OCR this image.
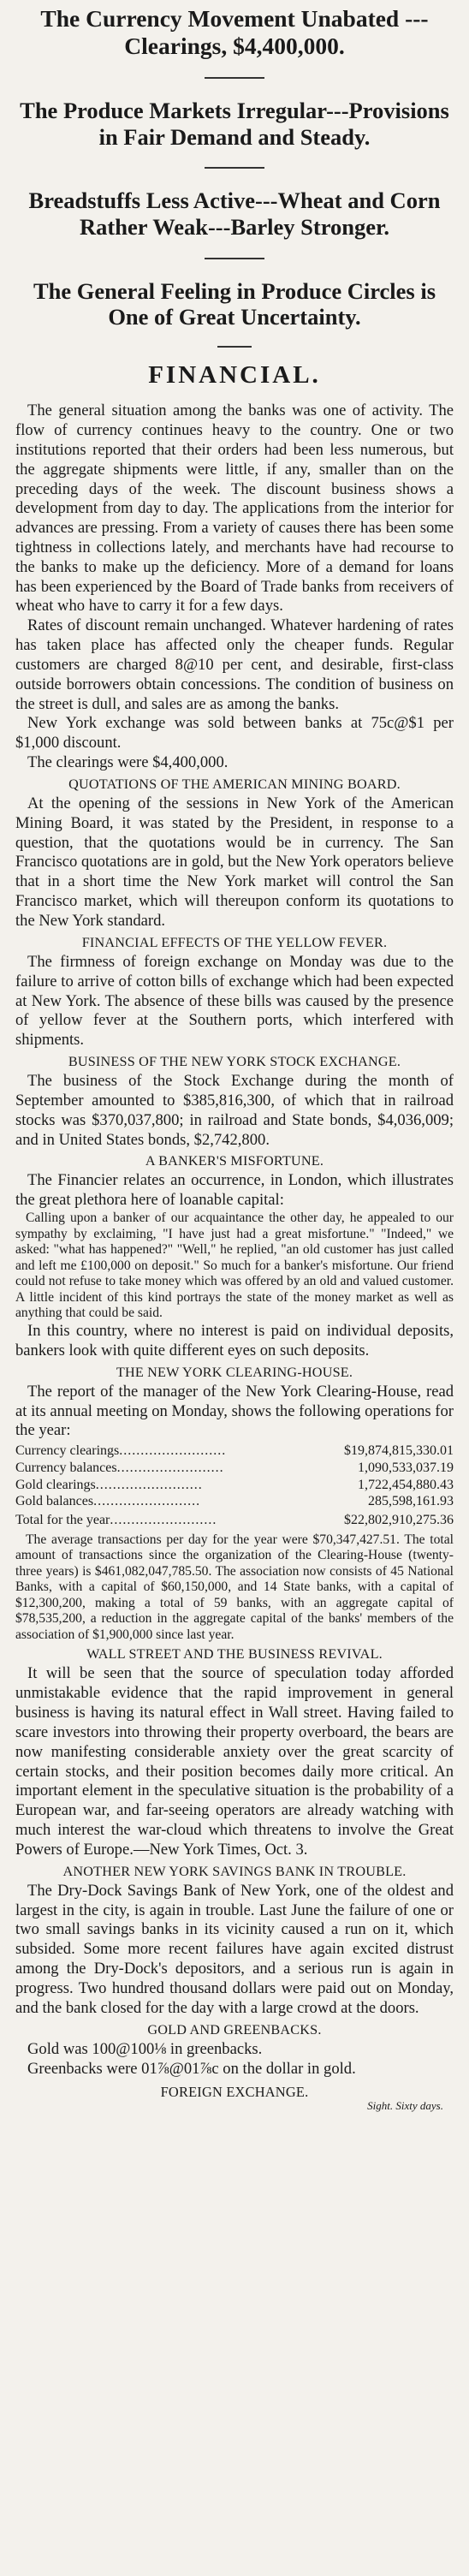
The Currency Movement Unabated ---Clearings, $4,400,000.
The Produce Markets Irregular---Provisions in Fair Demand and Steady.
Breadstuffs Less Active---Wheat and Corn Rather Weak---Barley Stronger.
The General Feeling in Produce Circles is One of Great Uncertainty.
FINANCIAL.

The general situation among the banks was one of activity. The flow of currency continues heavy to the country. One or two institutions reported that their orders had been less numerous, but the aggregate shipments were little, if any, smaller than on the preceding days of the week. The discount business shows a development from day to day. The applications from the interior for advances are pressing. From a variety of causes there has been some tightness in collections lately, and merchants have had recourse to the banks to make up the deficiency. More of a demand for loans has been experienced by the Board of Trade banks from receivers of wheat who have to carry it for a few days.

Rates of discount remain unchanged. Whatever hardening of rates has taken place has affected only the cheaper funds. Regular customers are charged 8@10 per cent, and desirable, first-class outside borrowers obtain concessions. The condition of business on the street is dull, and sales are as among the banks.

New York exchange was sold between banks at 75c@$1 per $1,000 discount.

The clearings were $4,400,000.

QUOTATIONS OF THE AMERICAN MINING BOARD.

At the opening of the sessions in New York of the American Mining Board, it was stated by the President, in response to a question, that the quotations would be in currency. The San Francisco quotations are in gold, but the New York operators believe that in a short time the New York market will control the San Francisco market, which will thereupon conform its quotations to the New York standard.

FINANCIAL EFFECTS OF THE YELLOW FEVER.

The firmness of foreign exchange on Monday was due to the failure to arrive of cotton bills of exchange which had been expected at New York. The absence of these bills was caused by the presence of yellow fever at the Southern ports, which interfered with shipments.

BUSINESS OF THE NEW YORK STOCK EXCHANGE.

The business of the Stock Exchange during the month of September amounted to $385,816,300, of which that in railroad stocks was $370,037,800; in railroad and State bonds, $4,036,009; and in United States bonds, $2,742,800.

A BANKER'S MISFORTUNE.

The Financier relates an occurrence, in London, which illustrates the great plethora here of loanable capital:

Calling upon a banker of our acquaintance the other day, he appealed to our sympathy by exclaiming, "I have just had a great misfortune." "Indeed," we asked: "what has happened?" "Well," he replied, "an old customer has just called and left me £100,000 on deposit." So much for a banker's misfortune. Our friend could not refuse to take money which was offered by an old and valued customer. A little incident of this kind portrays the state of the money market as well as anything that could be said.

In this country, where no interest is paid on individual deposits, bankers look with quite different eyes on such deposits.

THE NEW YORK CLEARING-HOUSE.

The report of the manager of the New York Clearing-House, read at its annual meeting on Monday, shows the following operations for the year:

Currency clearings.........................	$19,874,815,330.01
Currency balances.........................	1,090,533,037.19
Gold clearings.........................	1,722,454,880.43
Gold balances.........................	285,598,161.93
Total for the year.........................	$22,802,910,275.36

The average transactions per day for the year were $70,347,427.51. The total amount of transactions since the organization of the Clearing-House (twenty-three years) is $461,082,047,785.50. The association now consists of 45 National Banks, with a capital of $60,150,000, and 14 State banks, with a capital of $12,300,200, making a total of 59 banks, with an aggregate capital of $78,535,200, a reduction in the aggregate capital of the banks' members of the association of $1,900,000 since last year.

WALL STREET AND THE BUSINESS REVIVAL.

It will be seen that the source of speculation today afforded unmistakable evidence that the rapid improvement in general business is having its natural effect in Wall street. Having failed to scare investors into throwing their property overboard, the bears are now manifesting considerable anxiety over the great scarcity of certain stocks, and their position becomes daily more critical. An important element in the speculative situation is the probability of a European war, and far-seeing operators are already watching with much interest the war-cloud which threatens to involve the Great Powers of Europe.—New York Times, Oct. 3.

ANOTHER NEW YORK SAVINGS BANK IN TROUBLE.

The Dry-Dock Savings Bank of New York, one of the oldest and largest in the city, is again in trouble. Last June the failure of one or two small savings banks in its vicinity caused a run on it, which subsided. Some more recent failures have again excited distrust among the Dry-Dock's depositors, and a serious run is again in progress. Two hundred thousand dollars were paid out on Monday, and the bank closed for the day with a large crowd at the doors.

GOLD AND GREENBACKS.

Gold was 100@100⅛ in greenbacks.

Greenbacks were 01⅞@01⅞c on the dollar in gold.

FOREIGN EXCHANGE.
Sight. Sixty days.
